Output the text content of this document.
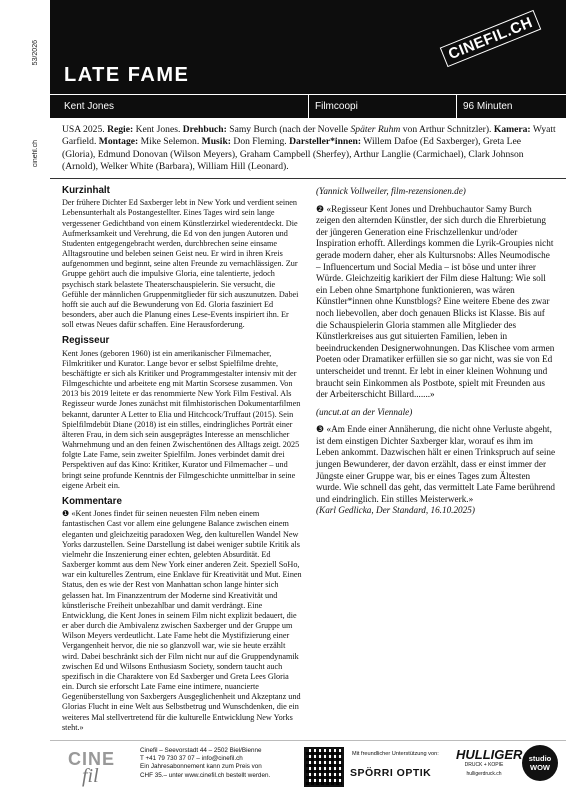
53/2026
cinefil.ch
CINEFIL.CH
LATE FAME
Kent Jones	Filmcoopi	96 Minuten
USA 2025. Regie: Kent Jones. Drehbuch: Samy Burch (nach der Novelle Später Ruhm von Arthur Schnitzler). Kamera: Wyatt Garfield. Montage: Mike Selemon. Musik: Don Fleming. Darsteller*innen: Willem Dafoe (Ed Saxberger), Greta Lee (Gloria), Edmund Donovan (Wilson Meyers), Graham Campbell (Sherfey), Arthur Langlie (Carmichael), Clark Johnson (Arnold), Welker White (Barbara), William Hill (Leonard).
Kurzinhalt

Der frühere Dichter Ed Saxberger lebt in New York und verdient seinen Lebensunterhalt als Postangestellter. Eines Tages wird sein lange vergessener Gedichtband von einem Künstlerzirkel wiederentdeckt. Die Aufmerksamkeit und Verehrung, die Ed von den jungen Autoren und Studenten entgegengebracht werden, durchbrechen seine einsame Alltagsroutine und beleben seinen Geist neu. Er wird in ihren Kreis aufgenommen und beginnt, seine alten Freunde zu vernachlässigen. Zur Gruppe gehört auch die impulsive Gloria, eine talentierte, jedoch psychisch stark belastete Theaterschauspielerin. Sie versucht, die Gefühle der männlichen Gruppenmitglieder für sich auszunutzen. Dabei hofft sie auch auf die Bewunderung von Ed. Gloria fasziniert Ed besonders, aber auch die Planung eines Lese-Events inspiriert ihn. Er soll etwas Neues dafür schaffen. Eine Herausforderung.

Regisseur

Kent Jones (geboren 1960) ist ein amerikanischer Filmemacher, Filmkritiker und Kurator. Lange bevor er selbst Spielfilme drehte, beschäftigte er sich als Kritiker und Programmgestalter intensiv mit der Filmgeschichte und arbeitete eng mit Martin Scorsese zusammen. Von 2013 bis 2019 leitete er das renommierte New York Film Festival. Als Regisseur wurde Jones zunächst mit filmhistorischen Dokumentarfilmen bekannt, darunter A Letter to Elia und Hitchcock/Truffaut (2015). Sein Spielfilmdebüt Diane (2018) ist ein stilles, eindringliches Porträt einer älteren Frau, in dem sich sein ausgeprägtes Interesse an menschlicher Wahrnehmung und an den feinen Zwischentönen des Alltags zeigt. 2025 folgte Late Fame, sein zweiter Spielfilm. Jones verbindet damit drei Perspektiven auf das Kino: Kritiker, Kurator und Filmemacher – und bringt seine profunde Kenntnis der Filmgeschichte unmittelbar in seine eigene Arbeit ein.

Kommentare

❶ «Kent Jones findet für seinen neuesten Film neben einem fantastischen Cast vor allem eine gelungene Balance zwischen einem eleganten und gleichzeitig paradoxen Weg, den kulturellen Wandel New Yorks darzustellen. Seine Darstellung ist dabei weniger subtile Kritik als vielmehr die Inszenierung einer echten, gelebten Absurdität. Ed Saxberger kommt aus dem New York einer anderen Zeit. Speziell SoHo, war ein kulturelles Zentrum, eine Enklave für Kreativität und Mut. Einen Status, den es wie der Rest von Manhattan schon lange hinter sich gelassen hat. Im Finanzzentrum der Moderne sind Kreativität und künstlerische Freiheit unbezahlbar und damit verdrängt. Eine Entwicklung, die Kent Jones in seinem Film nicht explizit bedauert, die er aber durch die Ambivalenz zwischen Saxberger und der Gruppe um Wilson Meyers verdeutlicht. Late Fame hebt die Mystifizierung einer Vergangenheit hervor, die nie so glanzvoll war, wie sie heute erzählt wird. Dabei beschränkt sich der Film nicht nur auf die Gruppendynamik zwischen Ed und Wilsons Enthusiasm Society, sondern taucht auch spezifisch in die Charaktere von Ed Saxberger und Greta Lees Gloria ein. Durch sie erforscht Late Fame eine intimere, nuancierte Gegenüberstellung von Saxbergers Ausgeglichenheit und Akzeptanz und Glorias Flucht in eine Welt aus Selbstbetrug und Wunschdenken, die ein weiteres Mal stellvertretend für die kulturelle Entwicklung New Yorks steht.»

(Yannick Vollweiler, film-rezensionen.de)

❷ «Regisseur Kent Jones und Drehbuchautor Samy Burch zeigen den alternden Künstler, der sich durch die Ehrerbietung der jüngeren Generation eine Frischzellenkur und/oder Inspiration erhofft. Allerdings kommen die Lyrik-Groupies nicht gerade modern daher, eher als Kultursnobs: Alles Neumodische – Influencertum und Social Media – ist böse und unter ihrer Würde. Gleichzeitig karikiert der Film diese Haltung: Wie soll ein Leben ohne Smartphone funktionieren, was wären Künstler*innen ohne Kunstblogs? Eine weitere Ebene des zwar noch liebevollen, aber doch genauen Blicks ist Klasse. Bis auf die Schauspielerin Gloria stammen alle Mitglieder des Künstlerkreises aus gut situierten Familien, leben in beeindruckenden Designerwohnungen. Das Klischee vom armen Poeten oder Dramatiker erfüllen sie so gar nicht, was sie von Ed unterscheidet und trennt. Er lebt in einer kleinen Wohnung und braucht sein Einkommen als Postbote, spielt mit Freunden aus der Arbeiterschicht Billard.......»

(uncut.at an der Viennale)

❸ «Am Ende einer Annäherung, die nicht ohne Verluste abgeht, ist dem einstigen Dichter Saxberger klar, worauf es ihm im Leben ankommt. Dazwischen hält er einen Trinkspruch auf seine jungen Bewunderer, der davon erzählt, dass er einst immer der Jüngste einer Gruppe war, bis er eines Tages zum Ältesten wurde. Wie schnell das geht, das vermittelt Late Fame berührend und eindringlich. Ein stilles Meisterwerk.»

(Karl Gedlicka, Der Standard, 16.10.2025)

CINE
fil
Cinefil – Seevorstadt 44 – 2502 Biel/Bienne
T +41 79 730 37 07 – info@cinefil.ch
Ein Jahresabonnement kann zum Preis von
CHF 35.– unter www.cinefil.ch bestellt werden.
Mit freundlicher Unterstützung von:
SPÖRRI OPTIK
HULLIGER
DRUCK + KOPIE
hulligerdruck.ch
studio
WOW
